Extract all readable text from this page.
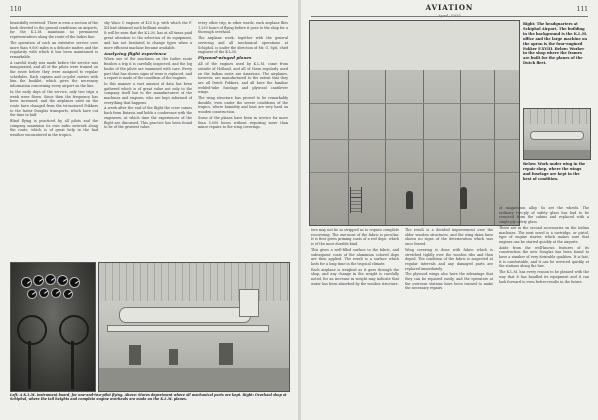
110

beautifully reviewed. There is even a section of the book devoted to the ground conditions on airports, for the K.L.M. maintains no permanent representatives along the route of the Indies line.

The operation of such an extensive service over more than 9,000 miles is a delicate matter, and the regularity with which it has been maintained is remarkable.

A careful study was made before the service was inaugurated, and all of the pilots were trained on the route before they were assigned to regular schedules. Each captain and co-pilot carries with him the booklet, which gives the necessary information concerning every airport on the line.

In the early days of the service, only two trips a week were flown. Since then the frequency has been increased, and the airplanes used on the route have changed from the tri-motored Fokkers to the faster Douglas transports, which have cut the time in half.

Blind flying is practiced by all pilots and the company maintains its own radio network along the route, which is of great help in the bad weather encountered in the tropics.

shy Waco C engines of 425 h.p. with which the F. XII had obtained such brilliant results.

It will be seen that the K.L.M. has at all times paid great attention to the selection of its equipment, and has not hesitated to change types when a more efficient machine became available.

Analyzing flight experience

When one of the machines on the Indies route finishes a trip it is carefully inspected, and the log books of the pilots are examined with care. Every part that has shown signs of wear is replaced, and a report is made of the condition of the engines.

In this manner a vast amount of data has been gathered which is of great value not only to the company itself but to the manufacturers of the machines and engines, who are kept informed of everything that happens.

A week after the end of the flight the crew comes back from Batavia and holds a conference with the engineers, at which time the experiences of the flight are discussed. This practice has been found to be of the greatest value.

every other trip; in other words, each airplane flies 1,250 hours of flying before it goes to the shop for a thorough overhaul.

The airplane work, together with the general servicing and all mechanical operations at Schiphol, is under the direction of Mr. G. Spit, chief engineer of the K.L.M.

Plywood-winged planes

All of the engines used by K.L.M. come from outside of Holland, and all of them regularly used on the Indian route are American. The airplanes, however, are manufactured to the extent that they are all Dutch Fokkers, and all have the familiar welded-tube fuselage and plywood cantilever wings.

The wing structure has proved to be remarkably durable, even under the severe conditions of the tropics, where humidity and heat are very hard on wooden construction.

Some of the planes have been in service for more than 5,000 hours without requiring more than minor repairs to the wing coverings.

Left: A K.L.M. instrument board, for one-and-two-pilot flying. Above: Stores department where all mechanical parts are kept. Right: Overhaul shop at Schiphol, where the tail heights and complete engine overhauls are made on the K.L.M. planes.
AVIATION
April, 1935
111
Right: The headquarters at Schiphol Airport. The building in the background is the K.L.M. office and the large machine on the apron is the four-engined Fokker F.XVIII. Below: Worker in the shop where the frames are built for the planes of the Dutch fleet.
Below: Work under wing in the repair shop, where the wings and fuselage are kept in the best of condition.

ters may not be so stripped as to require complete recovering. The one-most of the fabric is peculiar. It is first given priming coats of a red dope, which is of the most durable kind.

This gives a well-filled surface to the fabric, and subsequent coats of the aluminum colored dope are then applied. The result is a surface which lasts for a long time in the tropical climate.

Each airplane is weighed as it goes through the shop, and any change in the weight is carefully noted, for an increase in weight may indicate that water has been absorbed by the wooden structure.

The result is a decided improvement over the older wooden structures, and the wing skins have shown no signs of the deterioration which was once feared.

Wing covering is done with fabric which is stretched tightly over the wooden ribs and then doped. The condition of the fabric is inspected at regular intervals and any damaged parts are replaced immediately.

The plywood wings also have the advantage that they can be repaired easily, and the operators at the overseas stations have been trained to make the necessary repairs.

of magnesium alloy. So are the wheels. The ordinary two-ply of safety glass has had to be removed from the cabins and replaced with a single-ply safety glass.

There are in the second accessories on the Indian machines. The next novel is a cartridge, or pistol, type of engine starter, which makes sure that engines can be started quickly at the airports.

Aside from the well-known features of its construction the new Douglas has been found to have a number of very desirable qualities. It is fast, it is comfortable, and it can be serviced quickly at the stations along the line.

The K.L.M. has every reason to be pleased with the way that it has handled its equipment and it can look forward to even better results in the future.
